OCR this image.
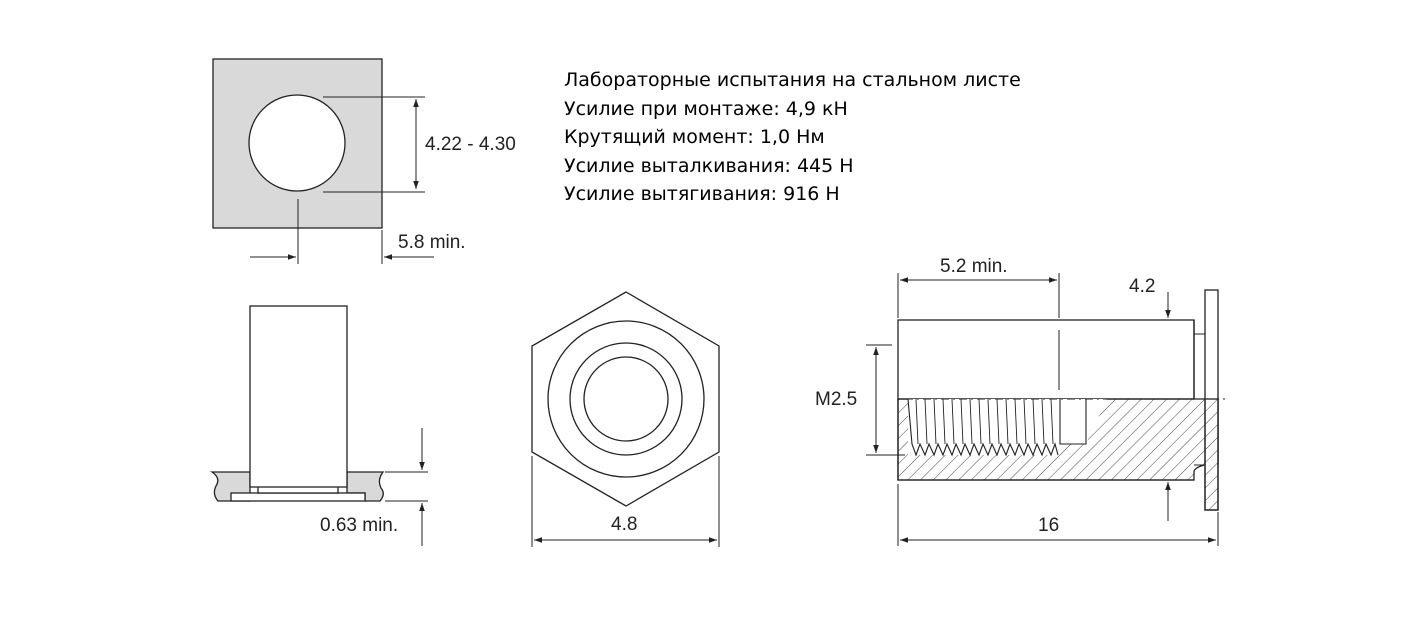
Лабораторные испытания на стальном листе
Усилие при монтаже: 4,9 кН
Крутящий момент: 1,0 Нм
Усилие выталкивания: 445 Н
Усилие вытягивания: 916 Н
4.22 - 4.30
5.8 min.
0.63 min.	4.8
5.2 min.
4.2
M2.5
16
